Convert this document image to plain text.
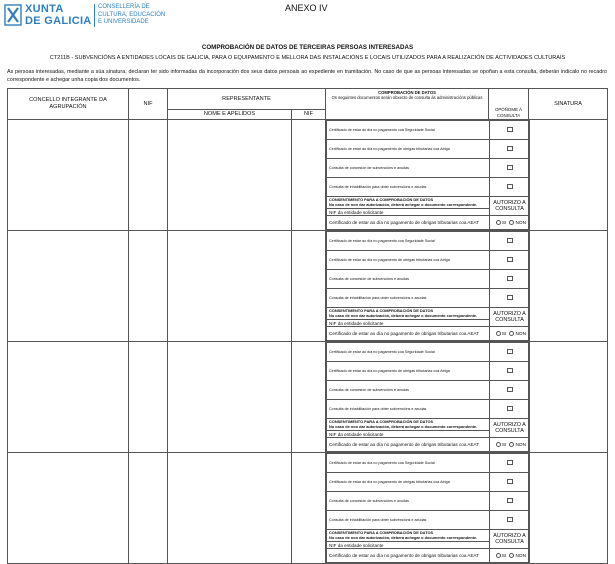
XUNTA
DE GALICIA
CONSELLERÍA DE
CULTURA, EDUCACIÓN
E UNIVERSIDADE
ANEXO IV
COMPROBACIÓN DE DATOS DE TERCEIRAS PERSOAS INTERESADAS
CT211B - SUBVENCIÓNS A ENTIDADES LOCAIS DE GALICIA, PARA O EQUIPAMENTO E MELLORA DAS INSTALACIÓNS E LOCAIS UTILIZADOS PARA A REALIZACIÓN DE ACTIVIDADES CULTURAIS
As persoas interesadas, mediante a súa sinatura, declaran ter sido informadas da incorporación dos seus datos persoais ao expediente en tramitación. No caso de que as persoas interesadas se opoñan a esta consulta, deberán indicalo no recadro correspondente e achegar unha copia dos documentos.
CONCELLO INTEGRANTE DA AGRUPACIÓN	NIF	REPRESENTANTE	
COMPROBACIÓN DE DATOS
Os seguintes documentos serán obxecto de consulta ás administracións públicas
	OPÓÑOME Á CONSULTA	SINATURA
NOME E APELIDOS	NIF

Certificado de estar ao día no pagamento coa Seguridade Social	
Certificado de estar ao día no pagamento de obrigas tributarias coa Atriga	
Consulta de concesión de subvencións e axudas	
Consulta de inhabilitación para obter subvencións e axudas	

CONSENTIMENTO PARA A COMPROBACIÓN DE DATOS
No caso de non dar autorización, deberá achegar o documento correspondente.	AUTORIZO A CONSULTA
NIF da entidade solicitante
Certificado de estar ao día no pagamento de obrigas tributarias coa AEAT	SI NON

Certificado de estar ao día no pagamento coa Seguridade Social	
Certificado de estar ao día no pagamento de obrigas tributarias coa Atriga	
Consulta de concesión de subvencións e axudas	
Consulta de inhabilitación para obter subvencións e axudas	

CONSENTIMENTO PARA A COMPROBACIÓN DE DATOS
No caso de non dar autorización, deberá achegar o documento correspondente.	AUTORIZO A CONSULTA
NIF da entidade solicitante
Certificado de estar ao día no pagamento de obrigas tributarias coa AEAT	SI NON

Certificado de estar ao día no pagamento coa Seguridade Social	
Certificado de estar ao día no pagamento de obrigas tributarias coa Atriga	
Consulta de concesión de subvencións e axudas	
Consulta de inhabilitación para obter subvencións e axudas	

CONSENTIMENTO PARA A COMPROBACIÓN DE DATOS
No caso de non dar autorización, deberá achegar o documento correspondente.	AUTORIZO A CONSULTA
NIF da entidade solicitante
Certificado de estar ao día no pagamento de obrigas tributarias coa AEAT	SI NON

Certificado de estar ao día no pagamento coa Seguridade Social	
Certificado de estar ao día no pagamento de obrigas tributarias coa Atriga	
Consulta de concesión de subvencións e axudas	
Consulta de inhabilitación para obter subvencións e axudas	

CONSENTIMENTO PARA A COMPROBACIÓN DE DATOS
No caso de non dar autorización, deberá achegar o documento correspondente.	AUTORIZO A CONSULTA
NIF da entidade solicitante
Certificado de estar ao día no pagamento de obrigas tributarias coa AEAT	SI NON
